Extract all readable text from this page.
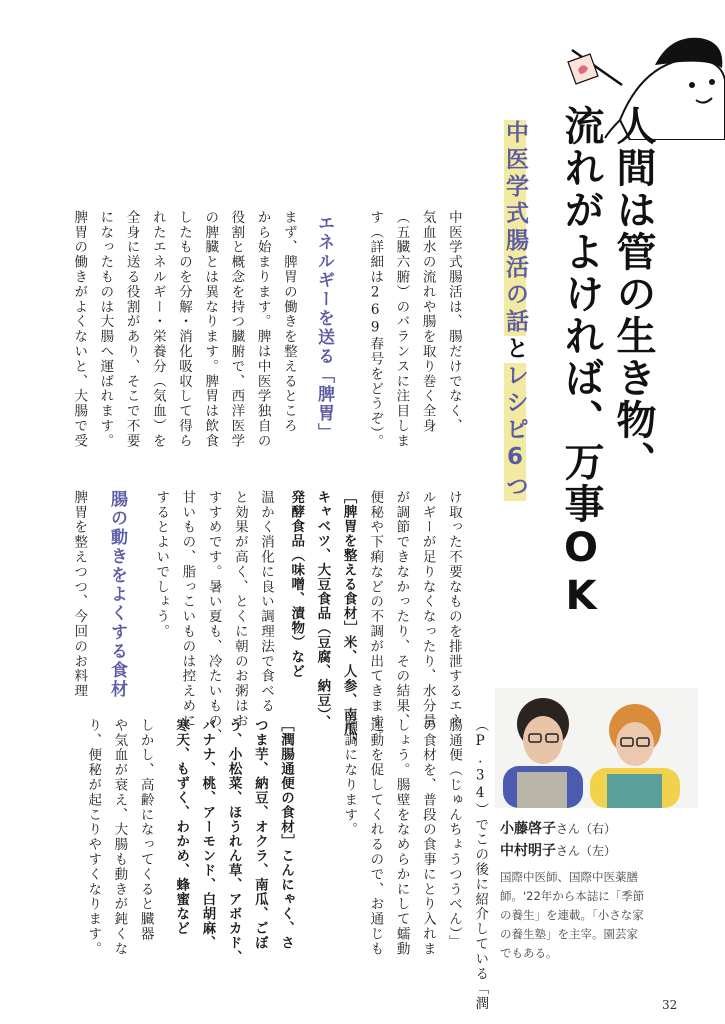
人間は管の生き物、
流れがよければ、万事OK
中医学式腸活の話とレシピ6つ

中医学式腸活は、腸だけでなく、

気血水の流れや腸を取り巻く全身

（五臓六腑）のバランスに注目しま

す（詳細は269春号をどうぞ）。

エネルギーを送る「脾胃」

まず、脾胃の働きを整えるところ

から始まります。脾は中医学独自の

役割と概念を持つ臓腑で、西洋医学

の脾臓とは異なります。脾胃は飲食

したものを分解・消化吸収して得ら

れたエネルギー・栄養分（気血）を

全身に送る役割があり、そこで不要

になったものは大腸へ運ばれます。

脾胃の働きがよくないと、大腸で受

け取った不要なものを排泄するエネ

ルギーが足りなくなったり、水分量

が調節できなかったり、その結果、

便秘や下痢などの不調が出てきます。

［脾胃を整える食材］米、人参、南瓜、

キャベツ、大豆食品（豆腐、納豆）、

発酵食品（味噌、漬物）など

温かく消化に良い調理法で食べる

と効果が高く、とくに朝のお粥はお

すすめです。暑い夏も、冷たいもの、

甘いもの、脂っこいものは控えめに

するとよいでしょう。

腸の動きをよくする食材

脾胃を整えつつ、今回のお料理

小藤啓子さん（右）
中村明子さん（左）
国際中医師、国際中医薬膳
師。'22年から本誌に「季節
の養生」を連載。「小さな家
の養生塾」を主宰。園芸家
でもある。

（P.34）でこの後に紹介している「潤

腸通便（じゅんちょうつうべん）」

の食材を、普段の食事にとり入れま

しょう。腸壁をなめらかにして蠕動

運動を促してくれるので、お通じも

順調になります。

［潤腸通便の食材］こんにゃく、さ

つま芋、納豆、オクラ、南瓜、ごぼ

う、小松菜、ほうれん草、アボカド、

バナナ、桃、アーモンド、白胡麻、

寒天、もずく、わかめ、蜂蜜など

しかし、高齢になってくると臓器

や気血が衰え、大腸も動きが鈍くな

り、便秘が起こりやすくなります。

32
